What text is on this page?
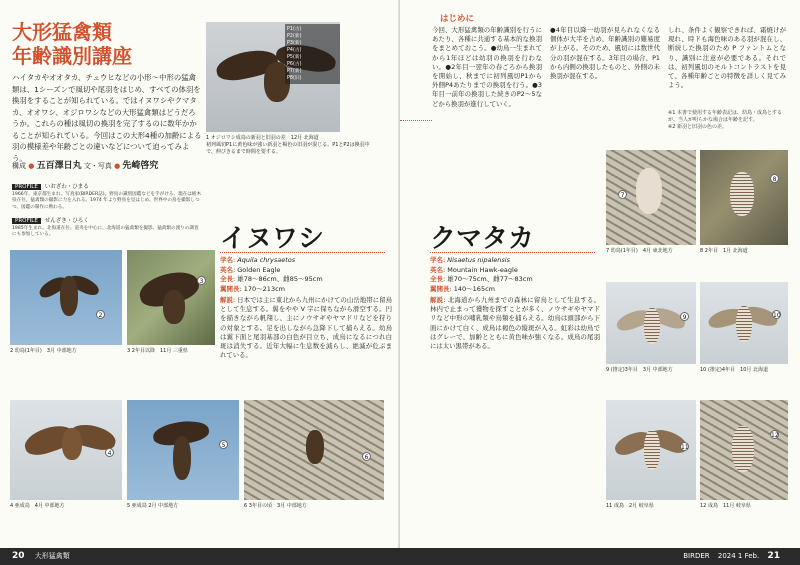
大形猛禽類
年齢識別講座
ハイタカやオオタカ、チュウヒなどの小形〜中形の猛禽類は、1シーズンで風切や尾羽をはじめ、すべての体羽を換羽をすることが知られている。ではイヌワシやクマタカ、オオワシ、オジロワシなどの大形猛禽類はどうだろうか。これらの種は風切の換羽を完了するのに数年かかることが知られている。今回はこの大形4種の加齢による羽の模様差や年齢ごとの違いなどについて迫ってみよう。
構成 ● 五百澤日丸 文・写真 ● 先崎啓究
PROFILE いおざわ・ひまる
1966年、東京都生まれ。写真家(BIRDER誌)。野鳥の識別図鑑などを手がける。現在は栃木県在住。猛禽類の撮影に力を入れる。1974 年より野鳥を見はじめ、世界中の鳥を撮影しつつ、図鑑の制作に携わる。
PROFILE せんざき・ひろく
1985年生まれ。北海道在住。道央を中心に、北海道の猛禽類を撮影。猛禽類の渡りの調査にも参加している。
P1(古)
P2(新)
P3(新)
P4(古)
P5(新)
P6(古)
P7(新)
P8(旧)
1 オジロワシ成鳥の新羽と旧羽の差　12月 北海道
初列風切P1に黄色味が強い新羽と褐色の旧羽が混じる。P1とP2は換羽中で、伸びきるまで時間を要する。
イヌワシ
学名: Aquila chrysaetos
英名: Golden Eagle
全長: 雄78〜86cm、雌85〜95cm
翼開長: 170〜213cm
解説: 日本では主に東北から九州にかけての山岳地帯に留鳥として生息する。翼をやや V 字に保ちながら滑空する。円を描きながら帆翔し、主にノウサギやヤマドリなどを狩りの対象とする。足を出しながら急降下して捕らえる。幼鳥は翼下面と尾羽基部の白色が目立ち、成鳥になるにつれ白斑は消失する。近年大幅に生息数を減らし、絶滅が危ぶまれている。
2
2 幼鳥(1年目)　3月 中部地方
3
3 2年目以降　11月 三重県
4
4 亜成鳥　4月 中部地方
5
5 亜成鳥 2月 中部地方
6
6 3年目の頃　3月 中部地方
はじめに
今回、大形猛禽類の年齢識別を行うにあたり、各種に共通する基本的な換羽をまとめておこう。●幼鳥一生まれてから1年ほどは幼羽の換羽を行わない。●2年目一翌年の春ごろから換羽を開始し、秋までに初列風切P1から外側P4あたりまでの換羽を行う。●3年目一前年の換羽した続きのP2〜5などから換羽が進行していく。
●4年目以降一幼羽が見られなくなる個体が大半を占め、年齢識別の難易度が上がる。そのため、風切には数世代分の羽が混在する。3年目の場合、P1から内側の換羽したものと、外側の未換羽が混在する。
しれ、条件よく観察できれば、霜焼けが現れ、時ドも海色味のある羽が混在し、断続した換羽のため P ファントムとなり、識別に注意が必要である。それでは、初列風切のモルトコントラストを見て、各種年齢ごとの特徴を詳しく見てみよう。
※1 本書で使用する年齢表記は、幼鳥・成鳥とするが、当人が明らかな場合は年齢を記す。
※2 新羽と旧羽の色の差。
クマタカ
学名: Nisaetus nipalensis
英名: Mountain Hawk-eagle
全長: 雄70〜75cm、雌77〜83cm
翼開長: 140〜165cm
解説: 北海道から九州までの森林に留鳥として生息する。林内で止まって獲物を探すことが多く、ノウサギやヤマドリなど中形の哺乳類や鳥類を捕らえる。幼鳥は頭部から下面にかけて白く、成鳥は褐色の縦斑が入る。虹彩は幼鳥ではグレーで、加齢とともに黄色味が強くなる。成鳥の尾羽には太い黒帯がある。
7
7 幼鳥(1年目)　4月 東北地方
8
8 2年目　1月 北海道
9
9 (推定)3年目　3月 中部地方
10
10 (推定)4年目　10月 北海道
11
11 成鳥　2月 岐阜県
12
12 成鳥　11月 岐阜県
20 大形猛禽類	BIRDER 2024 1 Feb. 21
